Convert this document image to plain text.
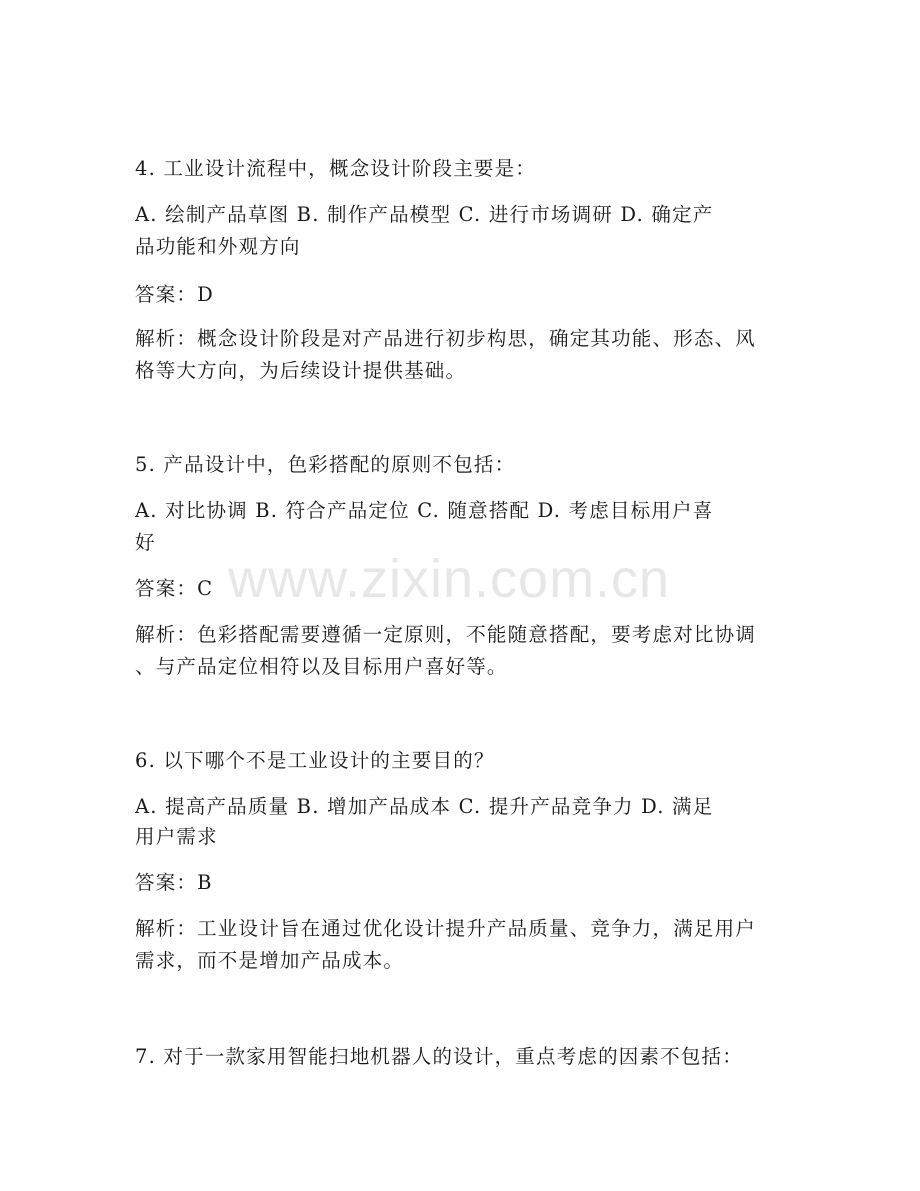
4. 工业设计流程中，概念设计阶段主要是：
A. 绘制产品草图 B. 制作产品模型 C. 进行市场调研 D. 确定产
品功能和外观方向
答案：D
解析：概念设计阶段是对产品进行初步构思，确定其功能、形态、风
格等大方向，为后续设计提供基础。
5. 产品设计中，色彩搭配的原则不包括：
A. 对比协调 B. 符合产品定位 C. 随意搭配 D. 考虑目标用户喜
好
答案：C
解析：色彩搭配需要遵循一定原则，不能随意搭配，要考虑对比协调
、与产品定位相符以及目标用户喜好等。
6. 以下哪个不是工业设计的主要目的？
A. 提高产品质量 B. 增加产品成本 C. 提升产品竞争力 D. 满足
用户需求
答案：B
解析：工业设计旨在通过优化设计提升产品质量、竞争力，满足用户
需求，而不是增加产品成本。
7. 对于一款家用智能扫地机器人的设计，重点考虑的因素不包括：
www.zixin.com.cn
